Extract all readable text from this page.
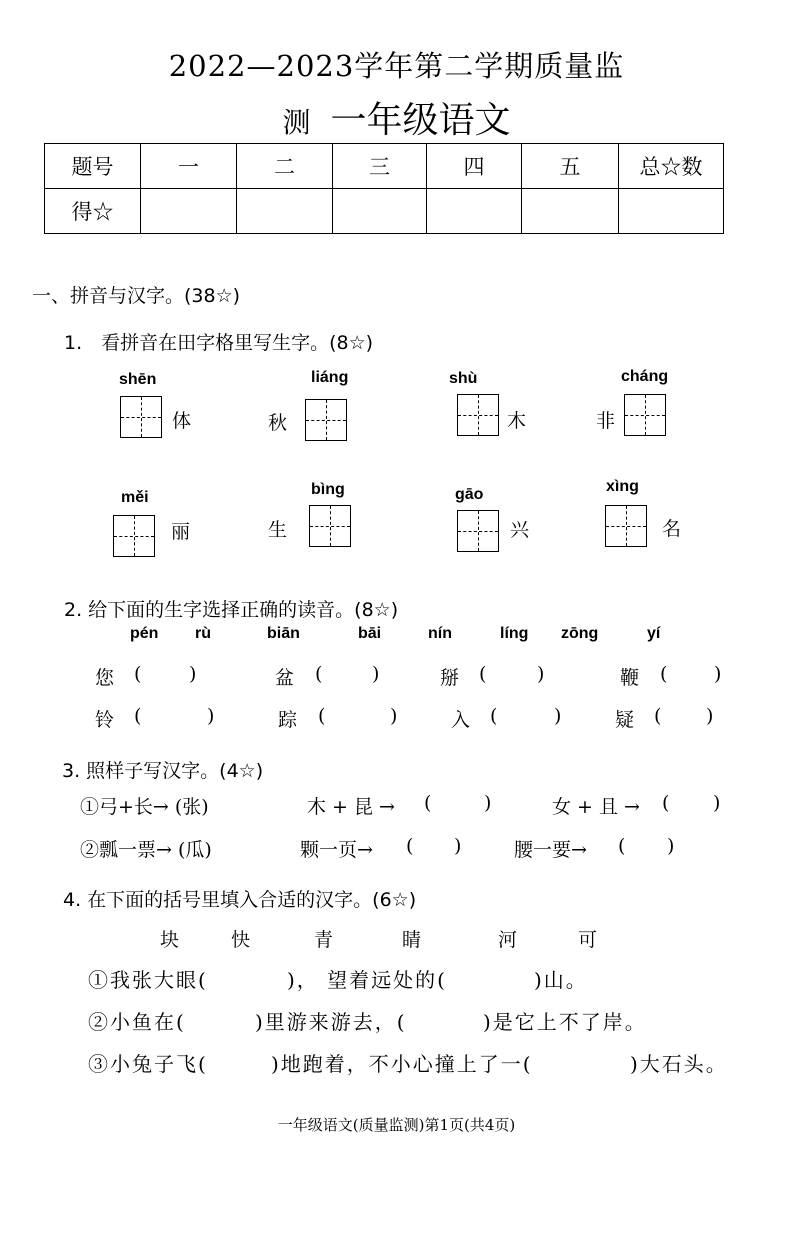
2022—2023学年第二学期质量监
测 一年级语文
题号	一	二	三	四	五	总☆数
得☆						
一、拼音与汉字。(38☆)
1.　看拼音在田字格里写生字。(8☆)
shēn
体
liáng
秋
shù
木
cháng
非
měi
丽
bìng
生
gāo
兴
xìng
名
2. 给下面的生字选择正确的读音。(8☆)
pén rù	biān	bāi	nín	líng zōng	yí
您 (	)	盆 (	)	掰 (	)	鞭 ( )
铃 (	)	踪 (	)	入 (	)	疑 ( )
3. 照样子写汉字。(4☆)
①弓+长→ (张)	木 + 昆 → (	)	女 + 且 → ( )
②瓢一票→ (瓜)	颗一页→ ( )	腰一要→ ( )
4. 在下面的括号里填入合适的汉字。(6☆)
块	快	青	睛	河	可
①我张大眼(	)， 望着远处的(	)山。
②小鱼在(	)里游来游去，(	)是它上不了岸。
③小兔子飞(	)地跑着，不小心撞上了一(	)大石头。
一年级语文(质量监测)第1页(共4页)
